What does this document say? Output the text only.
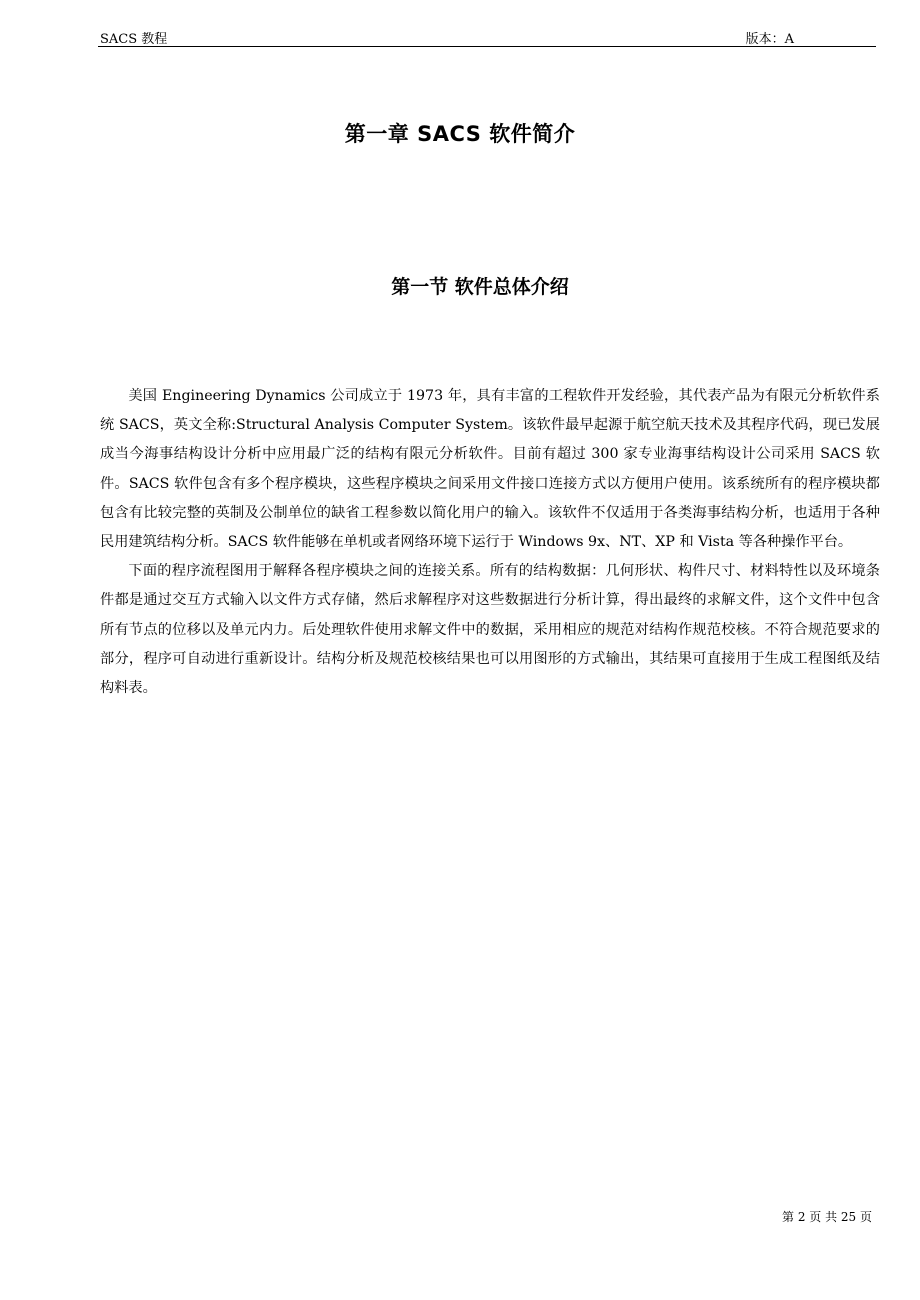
SACS 教程	版本：A
第一章 SACS 软件简介
第一节 软件总体介绍

美国 Engineering Dynamics 公司成立于 1973 年，具有丰富的工程软件开发经验，其代表产品为有限元分析软件系统 SACS，英文全称:Structural Analysis Computer System。该软件最早起源于航空航天技术及其程序代码，现已发展成当今海事结构设计分析中应用最广泛的结构有限元分析软件。目前有超过 300 家专业海事结构设计公司采用 SACS 软件。SACS 软件包含有多个程序模块，这些程序模块之间采用文件接口连接方式以方便用户使用。该系统所有的程序模块都包含有比较完整的英制及公制单位的缺省工程参数以简化用户的输入。该软件不仅适用于各类海事结构分析，也适用于各种民用建筑结构分析。SACS 软件能够在单机或者网络环境下运行于 Windows 9x、NT、XP 和 Vista 等各种操作平台。

下面的程序流程图用于解释各程序模块之间的连接关系。所有的结构数据：几何形状、构件尺寸、材料特性以及环境条件都是通过交互方式输入以文件方式存储，然后求解程序对这些数据进行分析计算，得出最终的求解文件，这个文件中包含所有节点的位移以及单元内力。后处理软件使用求解文件中的数据，采用相应的规范对结构作规范校核。不符合规范要求的部分，程序可自动进行重新设计。结构分析及规范校核结果也可以用图形的方式输出，其结果可直接用于生成工程图纸及结构料表。

第 2 页 共 25 页
